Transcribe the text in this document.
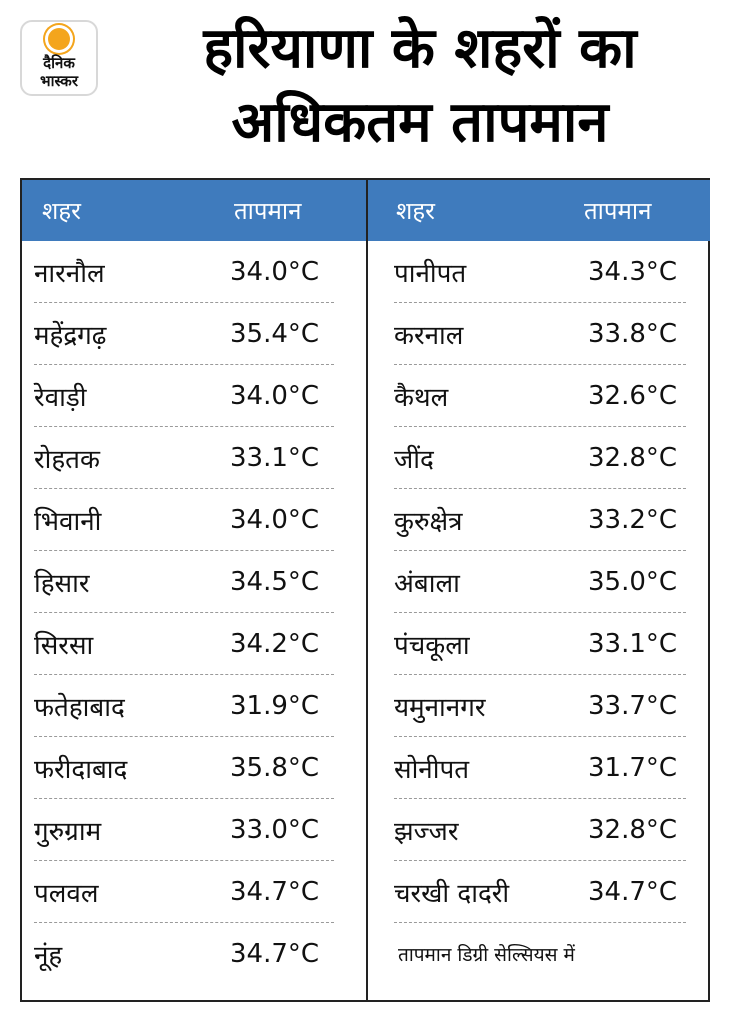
दैनिक
भास्कर	हरियाणा के शहरों का
अधिकतम तापमान
शहर	तापमान
नारनौल	34.0°C
महेंद्रगढ़	35.4°C
रेवाड़ी	34.0°C
रोहतक	33.1°C
भिवानी	34.0°C
हिसार	34.5°C
सिरसा	34.2°C
फतेहाबाद	31.9°C
फरीदाबाद	35.8°C
गुरुग्राम	33.0°C
पलवल	34.7°C
नूंह	34.7°C
शहर	तापमान
पानीपत	34.3°C
करनाल	33.8°C
कैथल	32.6°C
जींद	32.8°C
कुरुक्षेत्र	33.2°C
अंबाला	35.0°C
पंचकूला	33.1°C
यमुनानगर	33.7°C
सोनीपत	31.7°C
झज्जर	32.8°C
चरखी दादरी	34.7°C
तापमान डिग्री सेल्सियस में
